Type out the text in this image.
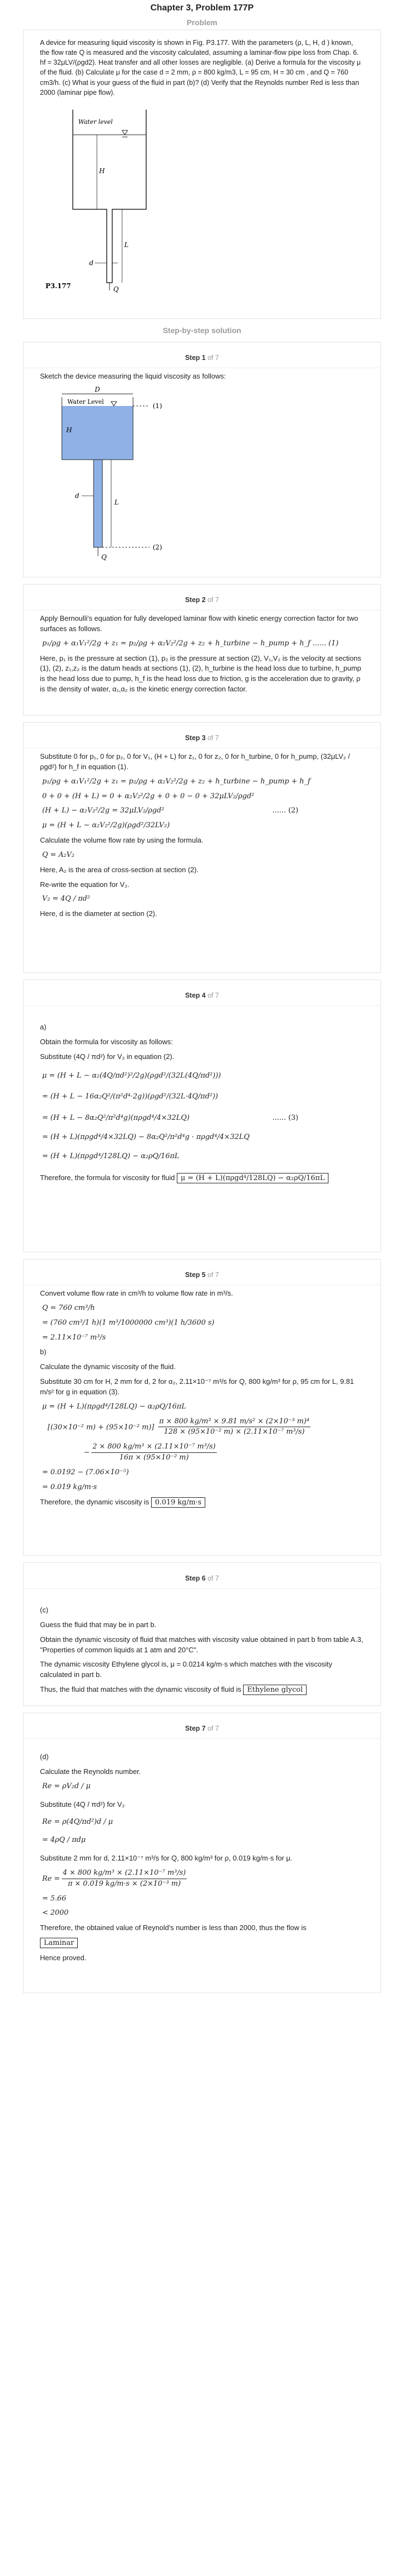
Chapter 3, Problem 177P
Problem

A device for measuring liquid viscosity is shown in Fig. P3.177. With the parameters (ρ, L, H, d ) known, the flow rate Q is measured and the viscosity calculated, assuming a laminar-flow pipe loss from Chap. 6. hf = 32μLV/(ρgd2). Heat transfer and all other losses are negligible. (a) Derive a formula for the viscosity μ of the fluid. (b) Calculate μ for the case d = 2 mm, ρ = 800 kg/m3, L = 95 cm, H = 30 cm , and Q = 760 cm3/h. (c) What is your guess of the fluid in part (b)? (d) Verify that the Reynolds number Red is less than 2000 (laminar pipe flow).

Water level
H
L
d
Q
P3.177
Step-by-step solution
Step 1 of 7

Sketch the device measuring the liquid viscosity as follows:

D
Water Level
H
(1)
L
d
(2)
Q
Step 2 of 7

Apply Bernoulli's equation for fully developed laminar flow with kinetic energy correction factor for two surfaces as follows.

p₁/ρg + α₁V₁²/2g + z₁ = p₂/ρg + α₂V₂²/2g + z₂ + h_turbine − h_pump + h_f ...... (1)

Here, p₁ is the pressure at section (1), p₂ is the pressure at section (2), V₁,V₂ is the velocity at sections (1), (2), z₁,z₂ is the datum heads at sections (1), (2), h_turbine is the head loss due to turbine, h_pump is the head loss due to pump, h_f is the head loss due to friction, g is the acceleration due to gravity, ρ is the density of water, α₁,α₂ is the kinetic energy correction factor.

Step 3 of 7

Substitute 0 for p₁, 0 for p₂, 0 for V₁, (H + L) for z₁, 0 for z₂, 0 for h_turbine, 0 for h_pump, (32μLV₂ / ρgd²) for h_f in equation (1).

p₁/ρg + α₁V₁²/2g + z₁ = p₂/ρg + α₂V₂²/2g + z₂ + h_turbine − h_pump + h_f
0 + 0 + (H + L) = 0 + α₂V₂²/2g + 0 + 0 − 0 + 32μLV₂/ρgd²
(H + L) − α₂V₂²/2g = 32μLV₂/ρgd²	...... (2)
μ = (H + L − α₂V₂²/2g)(ρgd²/32LV₂)

Calculate the volume flow rate by using the formula.

Q = A₂V₂

Here, A₂ is the area of cross-section at section (2).

Re-write the equation for V₂.

V₂ = 4Q / πd²

Here, d is the diameter at section (2).

Step 4 of 7

a)

Obtain the formula for viscosity as follows:

Substitute (4Q / πd²) for V₂ in equation (2).

μ = (H + L − α₂(4Q/πd²)²/2g)(ρgd²/(32L(4Q/πd²)))
= (H + L − 16α₂Q²/(π²d⁴·2g))(ρgd²/(32L·4Q/πd²))
= (H + L − 8α₂Q²/π²d⁴g)(πρgd⁴/4×32LQ)	...... (3)
= (H + L)(πρgd⁴/4×32LQ) − 8α₂Q²/π²d⁴g · πρgd⁴/4×32LQ
= (H + L)(πρgd⁴/128LQ) − α₂ρQ/16πL

Therefore, the formula for viscosity for fluid μ = (H + L)(πρgd⁴/128LQ) − α₂ρQ/16πL

Step 5 of 7

Convert volume flow rate in cm³/h to volume flow rate in m³/s.

Q = 760 cm³/h
= (760 cm³/1 h)(1 m³/1000000 cm³)(1 h/3600 s)
= 2.11×10⁻⁷ m³/s

b)

Calculate the dynamic viscosity of the fluid.

Substitute 30 cm for H, 2 mm for d, 2 for α₂, 2.11×10⁻⁷ m³/s for Q, 800 kg/m³ for ρ, 95 cm for L, 9.81 m/s² for g in equation (3).

μ = (H + L)(πρgd⁴/128LQ) − α₂ρQ/16πL
[(30×10⁻² m) + (95×10⁻² $m)] \frac{\text{π × 800 kg/m³ × 9.81 m/s² × (2×10⁻³ m)⁴}}{\text{128 × (95×10⁻² m) × (2.11×10⁻⁷ m³/s)}}$
− $\frac{\text{2 × 800 kg/m³ × (2.11×10⁻⁷ m³/s)}}{\text{16π × (95×10⁻² m)}}$
= 0.0192 − (7.06×10⁻⁵)
= 0.019 kg/m·s

Therefore, the dynamic viscosity is 0.019 kg/m·s

Step 6 of 7

(c)

Guess the fluid that may be in part b.

Obtain the dynamic viscosity of fluid that matches with viscosity value obtained in part b from table A.3, "Properties of common liquids at 1 atm and 20°C".

The dynamic viscosity Ethylene glycol is, μ = 0.0214 kg/m·s which matches with the viscosity calculated in part b.

Thus, the fluid that matches with the dynamic viscosity of fluid is Ethylene glycol

Step 7 of 7

(d)

Calculate the Reynolds number.

Re = ρV₂d / μ

Substitute (4Q / πd²) for V₂

Re = ρ(4Q/πd²)d / μ
= 4ρQ / πdμ

Substitute 2 mm for d, 2.11×10⁻⁷ m³/s for Q, 800 kg/m³ for ρ, 0.019 kg/m·s for μ.

$Re = \frac{\text{4 × 800 kg/m³ × (2.11×10⁻⁷ m³/s)}}{\text{π × 0.019 kg/m·s × (2×10⁻³ m)}}$
= 5.66
< 2000

Therefore, the obtained value of Reynold's number is less than 2000, thus the flow is

Laminar

Hence proved.
